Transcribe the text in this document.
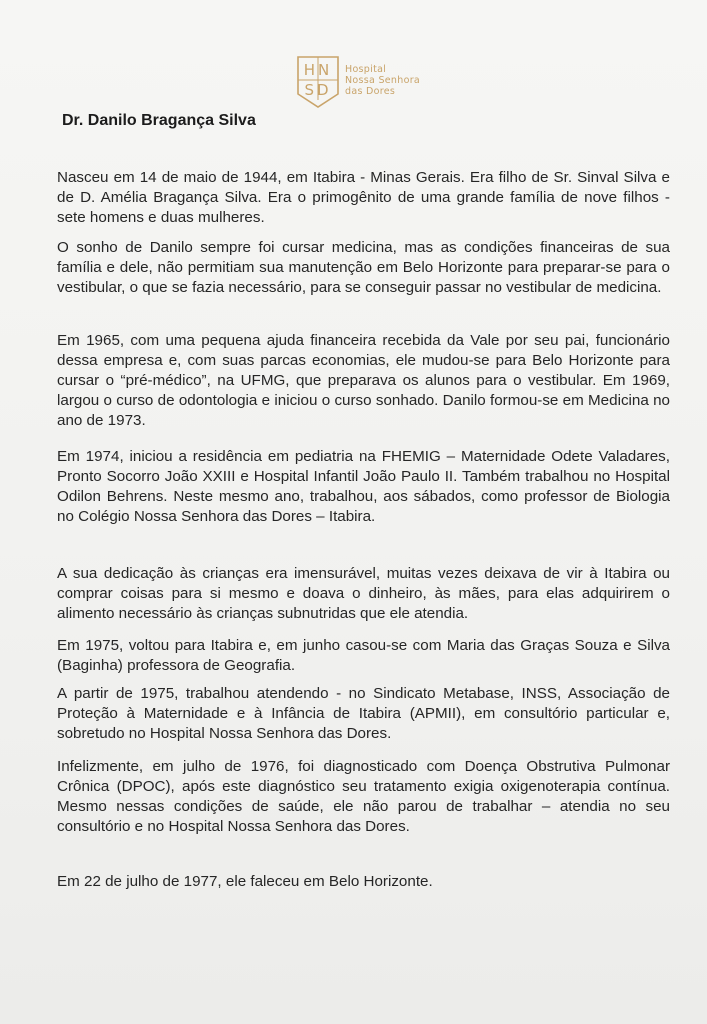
HN
SD
Hospital
Nossa Senhora
das Dores
Dr. Danilo Bragança Silva

Nasceu em 14 de maio de 1944, em Itabira - Minas Gerais. Era filho de Sr. Sinval Silva e de D. Amélia Bragança Silva. Era o primogênito de uma grande família de nove filhos - sete homens e duas mulheres.

O sonho de Danilo sempre foi cursar medicina, mas as condições financeiras de sua família e dele, não permitiam sua manutenção em Belo Horizonte para preparar-se para o vestibular, o que se fazia necessário, para se conseguir passar no vestibular de medicina.

Em 1965, com uma pequena ajuda financeira recebida da Vale por seu pai, funcionário dessa empresa e, com suas parcas economias, ele mudou-se para Belo Horizonte para cursar o “pré-médico”, na UFMG, que preparava os alunos para o vestibular. Em 1969, largou o curso de odontologia e iniciou o curso sonhado. Danilo formou-se em Medicina no ano de 1973.

Em 1974, iniciou a residência em pediatria na FHEMIG – Maternidade Odete Valadares, Pronto Socorro João XXIII e Hospital Infantil João Paulo II. Também trabalhou no Hospital Odilon Behrens. Neste mesmo ano, trabalhou, aos sábados, como professor de Biologia no Colégio Nossa Senhora das Dores – Itabira.

A sua dedicação às crianças era imensurável, muitas vezes deixava de vir à Itabira ou comprar coisas para si mesmo e doava o dinheiro, às mães, para elas adquirirem o alimento necessário às crianças subnutridas que ele atendia.

Em 1975, voltou para Itabira e, em junho casou-se com Maria das Graças Souza e Silva (Baginha) professora de Geografia.

A partir de 1975, trabalhou atendendo - no Sindicato Metabase, INSS, Associação de Proteção à Maternidade e à Infância de Itabira (APMII), em consultório particular e, sobretudo no Hospital Nossa Senhora das Dores.

Infelizmente, em julho de 1976, foi diagnosticado com Doença Obstrutiva Pulmonar Crônica (DPOC), após este diagnóstico seu tratamento exigia oxigenoterapia contínua. Mesmo nessas condições de saúde, ele não parou de trabalhar – atendia no seu consultório e no Hospital Nossa Senhora das Dores.

Em 22 de julho de 1977, ele faleceu em Belo Horizonte.
